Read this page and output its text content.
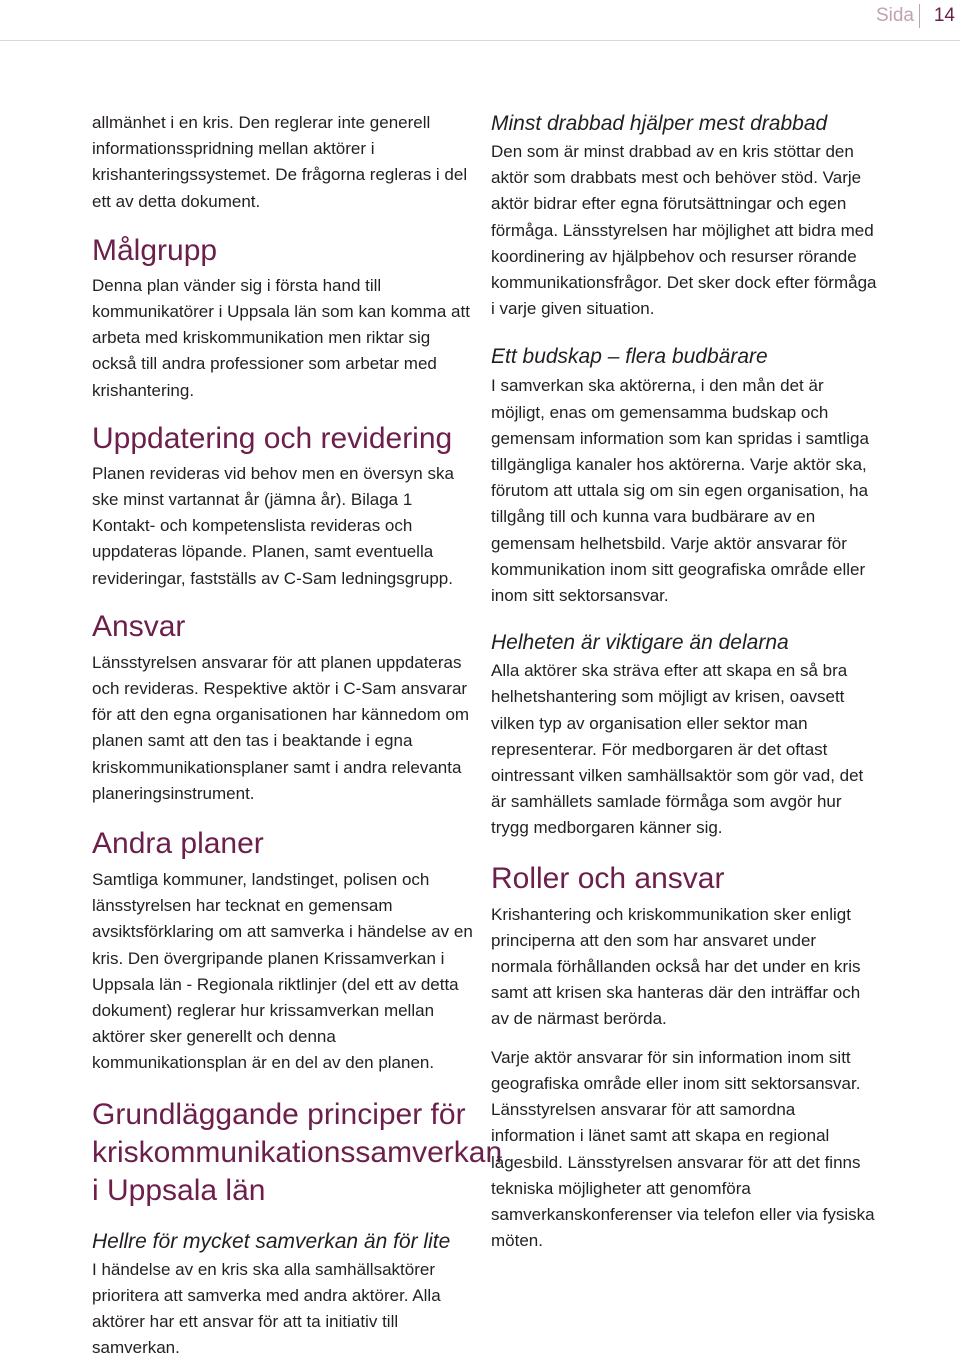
Sida 14

allmänhet i en kris. Den reglerar inte generell informationsspridning mellan aktörer i krishanteringssystemet. De frågorna regleras i del ett av detta dokument.

Målgrupp

Denna plan vänder sig i första hand till kommunikatörer i Uppsala län som kan komma att arbeta med kriskommunikation men riktar sig också till andra professioner som arbetar med krishantering.

Uppdatering och revidering

Planen revideras vid behov men en översyn ska ske minst vartannat år (jämna år). Bilaga 1 Kontakt- och kompetenslista revideras och uppdateras löpande. Planen, samt eventuella revideringar, fastställs av C-Sam ledningsgrupp.

Ansvar

Länsstyrelsen ansvarar för att planen uppdateras och revideras. Respektive aktör i C-Sam ansvarar för att den egna organisationen har kännedom om planen samt att den tas i beaktande i egna kriskommunikationsplaner samt i andra relevanta planeringsinstrument.

Andra planer

Samtliga kommuner, landstinget, polisen och länsstyrelsen har tecknat en gemensam avsiktsförklaring om att samverka i händelse av en kris. Den övergripande planen Krissamverkan i Uppsala län - Regionala riktlinjer (del ett av detta dokument) reglerar hur krissamverkan mellan aktörer sker generellt och denna kommunikationsplan är en del av den planen.

Grundläggande principer för kriskommunikationssamverkan i Uppsala län
Hellre för mycket samverkan än för lite

I händelse av en kris ska alla samhällsaktörer prioritera att samverka med andra aktörer. Alla aktörer har ett ansvar för att ta initiativ till samverkan.

Minst drabbad hjälper mest drabbad

Den som är minst drabbad av en kris stöttar den aktör som drabbats mest och behöver stöd. Varje aktör bidrar efter egna förutsättningar och egen förmåga. Länsstyrelsen har möjlighet att bidra med koordinering av hjälpbehov och resurser rörande kommunikationsfrågor. Det sker dock efter förmåga i varje given situation.

Ett budskap – flera budbärare

I samverkan ska aktörerna, i den mån det är möjligt, enas om gemensamma budskap och gemensam information som kan spridas i samtliga tillgängliga kanaler hos aktörerna. Varje aktör ska, förutom att uttala sig om sin egen organisation, ha tillgång till och kunna vara budbärare av en gemensam helhetsbild. Varje aktör ansvarar för kommunikation inom sitt geografiska område eller inom sitt sektorsansvar.

Helheten är viktigare än delarna

Alla aktörer ska sträva efter att skapa en så bra helhetshantering som möjligt av krisen, oavsett vilken typ av organisation eller sektor man representerar. För medborgaren är det oftast ointressant vilken samhällsaktör som gör vad, det är samhällets samlade förmåga som avgör hur trygg medborgaren känner sig.

Roller och ansvar

Krishantering och kriskommunikation sker enligt principerna att den som har ansvaret under normala förhållanden också har det under en kris samt att krisen ska hanteras där den inträffar och av de närmast berörda.

Varje aktör ansvarar för sin information inom sitt geografiska område eller inom sitt sektorsansvar. Länsstyrelsen ansvarar för att samordna information i länet samt att skapa en regional lägesbild. Länsstyrelsen ansvarar för att det finns tekniska möjligheter att genomföra samverkanskonferenser via telefon eller via fysiska möten.
